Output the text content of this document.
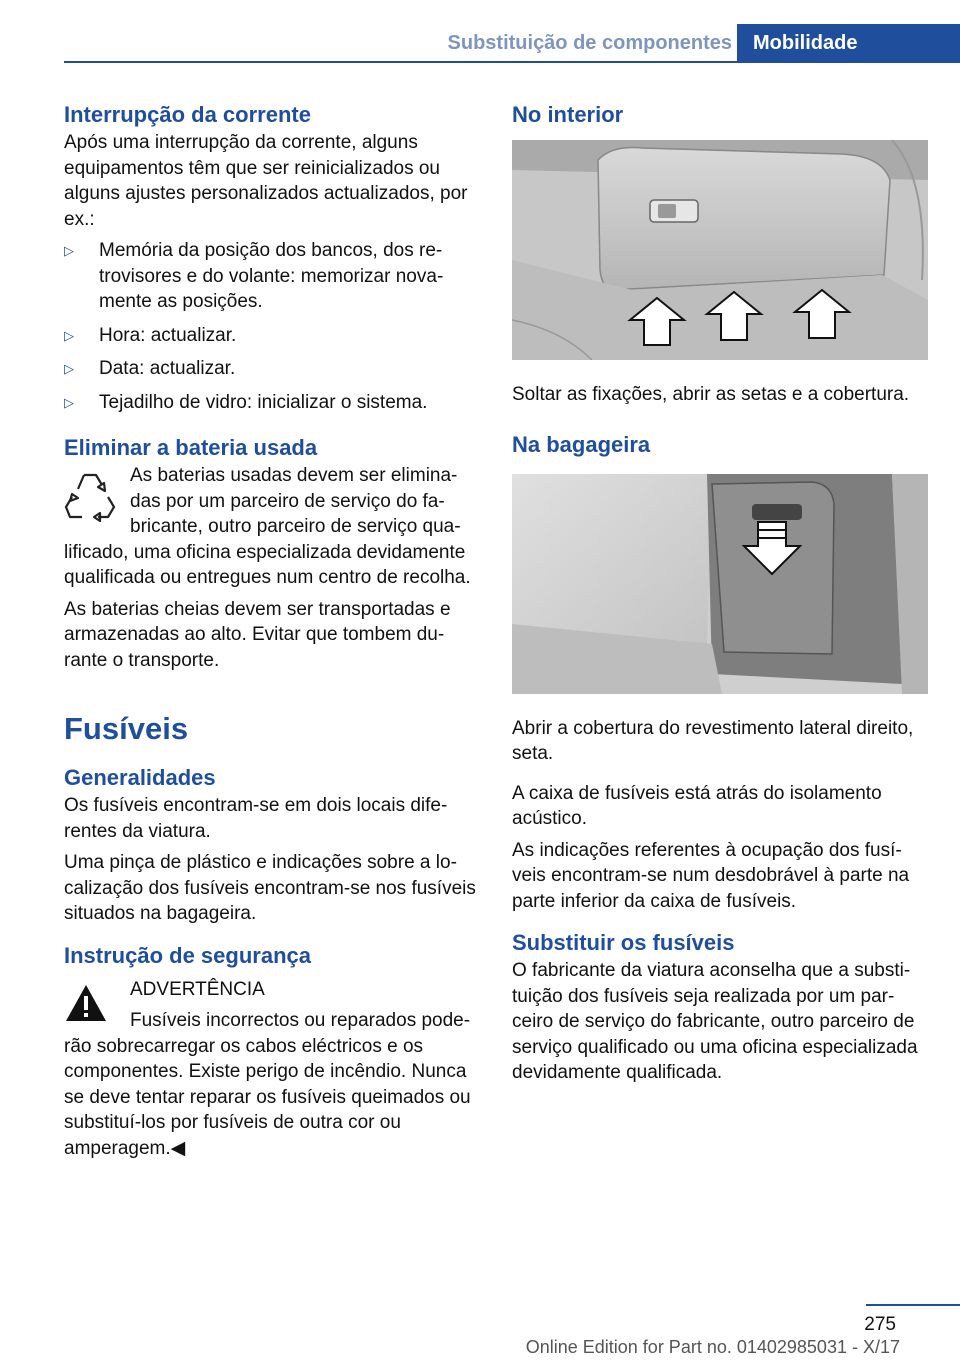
Substituição de componentes	Mobilidade
Interrupção da corrente

Após uma interrupção da corrente, alguns equipamentos têm que ser reinicializados ou alguns ajustes personalizados actualizados, por ex.:

▷ Memória da posição dos bancos, dos retrovisores e do volante: memorizar novamente as posições.
▷ Hora: actualizar.
▷ Data: actualizar.
▷ Tejadilho de vidro: inicializar o sistema.
Eliminar a bateria usada

As baterias usadas devem ser eliminadas por um parceiro de serviço do fabricante, outro parceiro de serviço qualificado, uma oficina especializada devidamente qualificada ou entregues num centro de recolha.

As baterias cheias devem ser transportadas e armazenadas ao alto. Evitar que tombem durante o transporte.

Fusíveis
Generalidades

Os fusíveis encontram-se em dois locais diferentes da viatura.

Uma pinça de plástico e indicações sobre a localização dos fusíveis encontram-se nos fusíveis situados na bagageira.

Instrução de segurança

ADVERTÊNCIA

Fusíveis incorrectos ou reparados poderão sobrecarregar os cabos eléctricos e os componentes. Existe perigo de incêndio. Nunca se deve tentar reparar os fusíveis queimados ou substituí-los por fusíveis de outra cor ou amperagem.◀

No interior

Soltar as fixações, abrir as setas e a cobertura.

Na bagageira

Abrir a cobertura do revestimento lateral direito, seta.

A caixa de fusíveis está atrás do isolamento acústico.

As indicações referentes à ocupação dos fusíveis encontram-se num desdobrável à parte na parte inferior da caixa de fusíveis.

Substituir os fusíveis

O fabricante da viatura aconselha que a substituição dos fusíveis seja realizada por um parceiro de serviço do fabricante, outro parceiro de serviço qualificado ou uma oficina especializada devidamente qualificada.

275
Online Edition for Part no. 01402985031 - X/17
